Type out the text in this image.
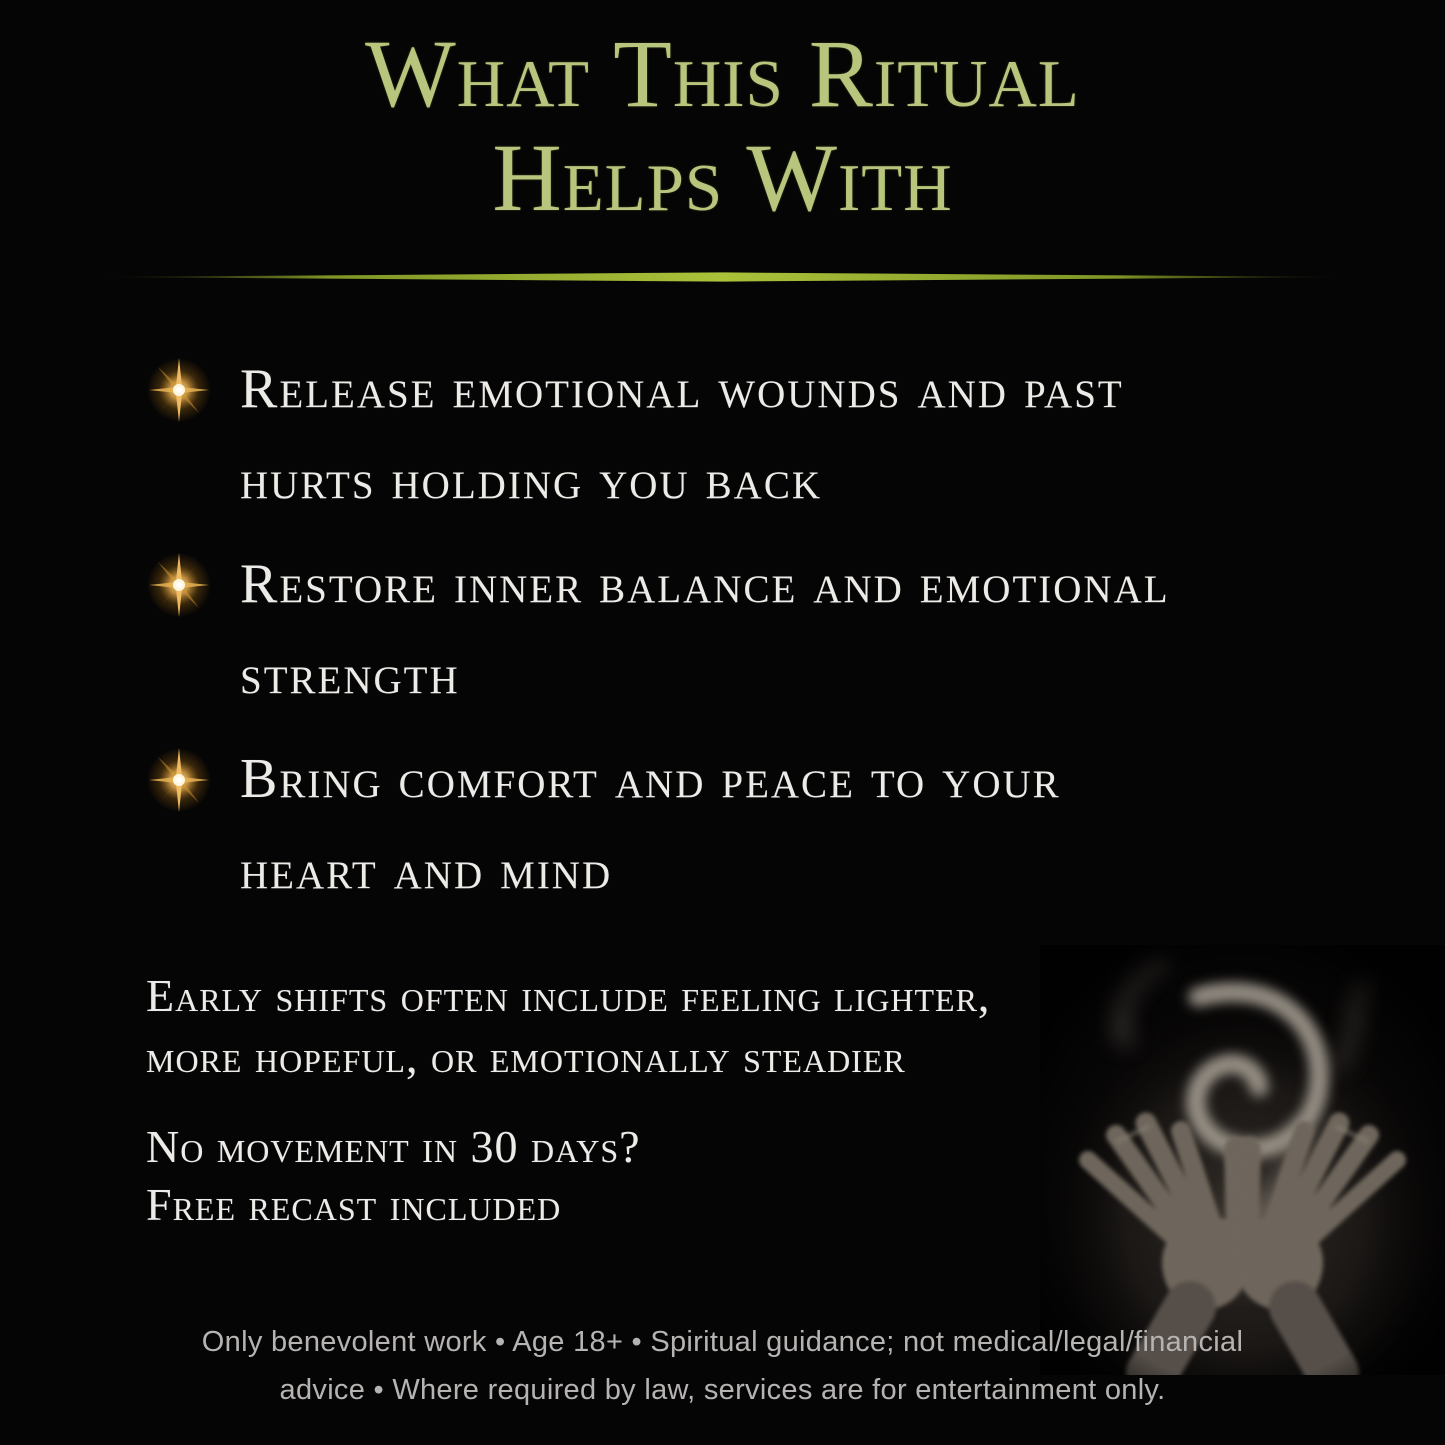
What This Ritual
Helps With
Release emotional wounds and past
hurts holding you back
Restore inner balance and emotional
strength
Bring comfort and peace to your
heart and mind
Early shifts often include feeling lighter,
more hopeful, or emotionally steadier
No movement in 30 days?
Free recast included
Only benevolent work • Age 18+ • Spiritual guidance; not medical/legal/financial
advice • Where required by law, services are for entertainment only.
